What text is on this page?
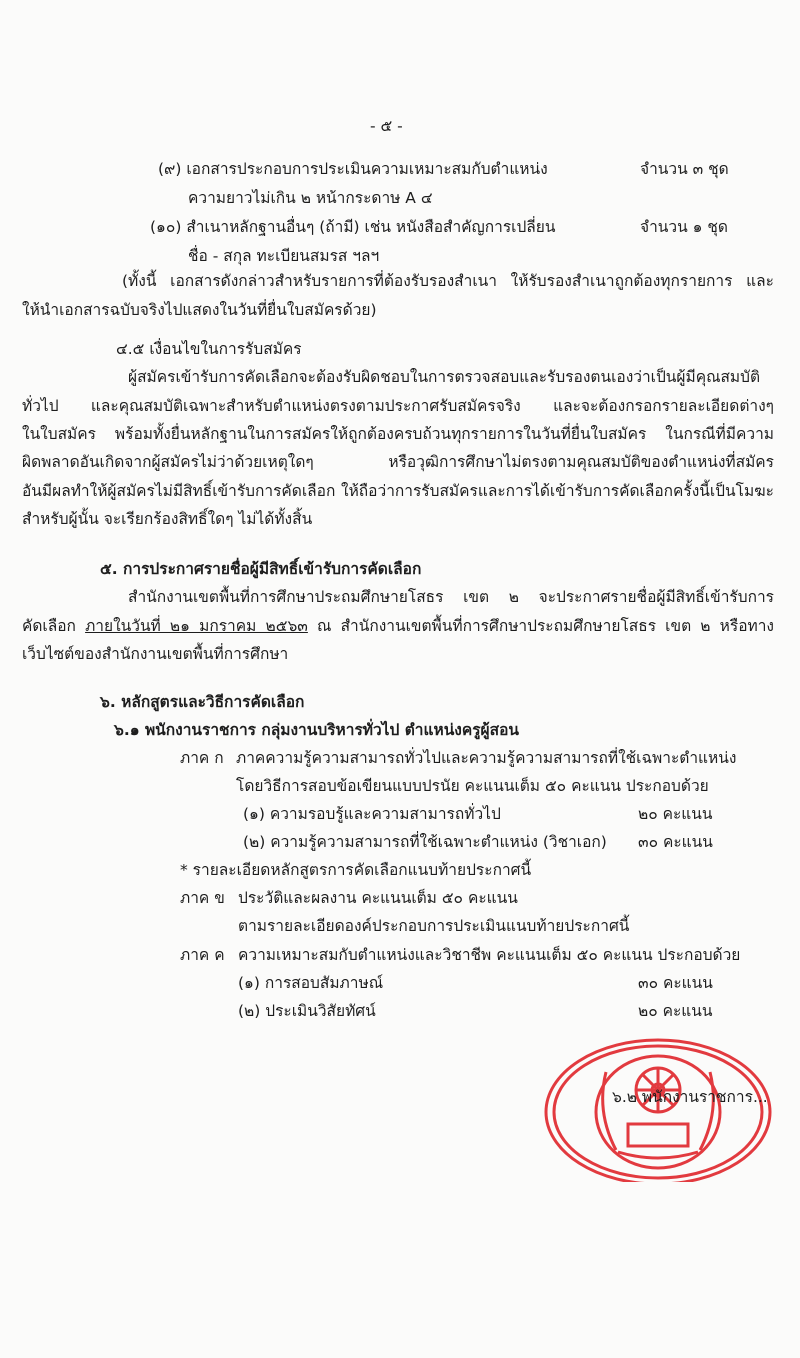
- ๕ -
(๙) เอกสารประกอบการประเมินความเหมาะสมกับตำแหน่ง	จำนวน ๓ ชุด
ความยาวไม่เกิน ๒ หน้ากระดาษ A ๔
(๑๐) สำเนาหลักฐานอื่นๆ (ถ้ามี) เช่น หนังสือสำคัญการเปลี่ยน	จำนวน ๑ ชุด
ชื่อ - สกุล ทะเบียนสมรส ฯลฯ
(ทั้งนี้ เอกสารดังกล่าวสำหรับรายการที่ต้องรับรองสำเนา ให้รับรองสำเนาถูกต้องทุกรายการ และ
ให้นำเอกสารฉบับจริงไปแสดงในวันที่ยื่นใบสมัครด้วย)
๔.๕ เงื่อนไขในการรับสมัคร
ผู้สมัครเข้ารับการคัดเลือกจะต้องรับผิดชอบในการตรวจสอบและรับรองตนเองว่าเป็นผู้มีคุณสมบัติ
ทั่วไป และคุณสมบัติเฉพาะสำหรับตำแหน่งตรงตามประกาศรับสมัครจริง และจะต้องกรอกรายละเอียดต่างๆ
ในใบสมัคร พร้อมทั้งยื่นหลักฐานในการสมัครให้ถูกต้องครบถ้วนทุกรายการในวันที่ยื่นใบสมัคร ในกรณีที่มีความ
ผิดพลาดอันเกิดจากผู้สมัครไม่ว่าด้วยเหตุใดๆ หรือวุฒิการศึกษาไม่ตรงตามคุณสมบัติของตำแหน่งที่สมัคร
อันมีผลทำให้ผู้สมัครไม่มีสิทธิ์เข้ารับการคัดเลือก ให้ถือว่าการรับสมัครและการได้เข้ารับการคัดเลือกครั้งนี้เป็นโมฆะ
สำหรับผู้นั้น จะเรียกร้องสิทธิ์ใดๆ ไม่ได้ทั้งสิ้น
๕. การประกาศรายชื่อผู้มีสิทธิ์เข้ารับการคัดเลือก
สำนักงานเขตพื้นที่การศึกษาประถมศึกษายโสธร เขต ๒ จะประกาศรายชื่อผู้มีสิทธิ์เข้ารับการ
คัดเลือก ภายในวันที่ ๒๑ มกราคม ๒๕๖๓ ณ สำนักงานเขตพื้นที่การศึกษาประถมศึกษายโสธร เขต ๒ หรือทาง
เว็บไซต์ของสำนักงานเขตพื้นที่การศึกษา
๖. หลักสูตรและวิธีการคัดเลือก
๖.๑ พนักงานราชการ กลุ่มงานบริหารทั่วไป ตำแหน่งครูผู้สอน
ภาค ก ภาคความรู้ความสามารถทั่วไปและความรู้ความสามารถที่ใช้เฉพาะตำแหน่ง
โดยวิธีการสอบข้อเขียนแบบปรนัย คะแนนเต็ม ๕๐ คะแนน ประกอบด้วย
(๑) ความรอบรู้และความสามารถทั่วไป	๒๐ คะแนน
(๒) ความรู้ความสามารถที่ใช้เฉพาะตำแหน่ง (วิชาเอก) ๓๐ คะแนน
* รายละเอียดหลักสูตรการคัดเลือกแนบท้ายประกาศนี้
ภาค ข ประวัติและผลงาน คะแนนเต็ม ๕๐ คะแนน
ตามรายละเอียดองค์ประกอบการประเมินแนบท้ายประกาศนี้
ภาค ค ความเหมาะสมกับตำแหน่งและวิชาชีพ คะแนนเต็ม ๕๐ คะแนน ประกอบด้วย
(๑) การสอบสัมภาษณ์	๓๐ คะแนน
(๒) ประเมินวิสัยทัศน์	๒๐ คะแนน
๖.๒ พนักงานราชการ...
